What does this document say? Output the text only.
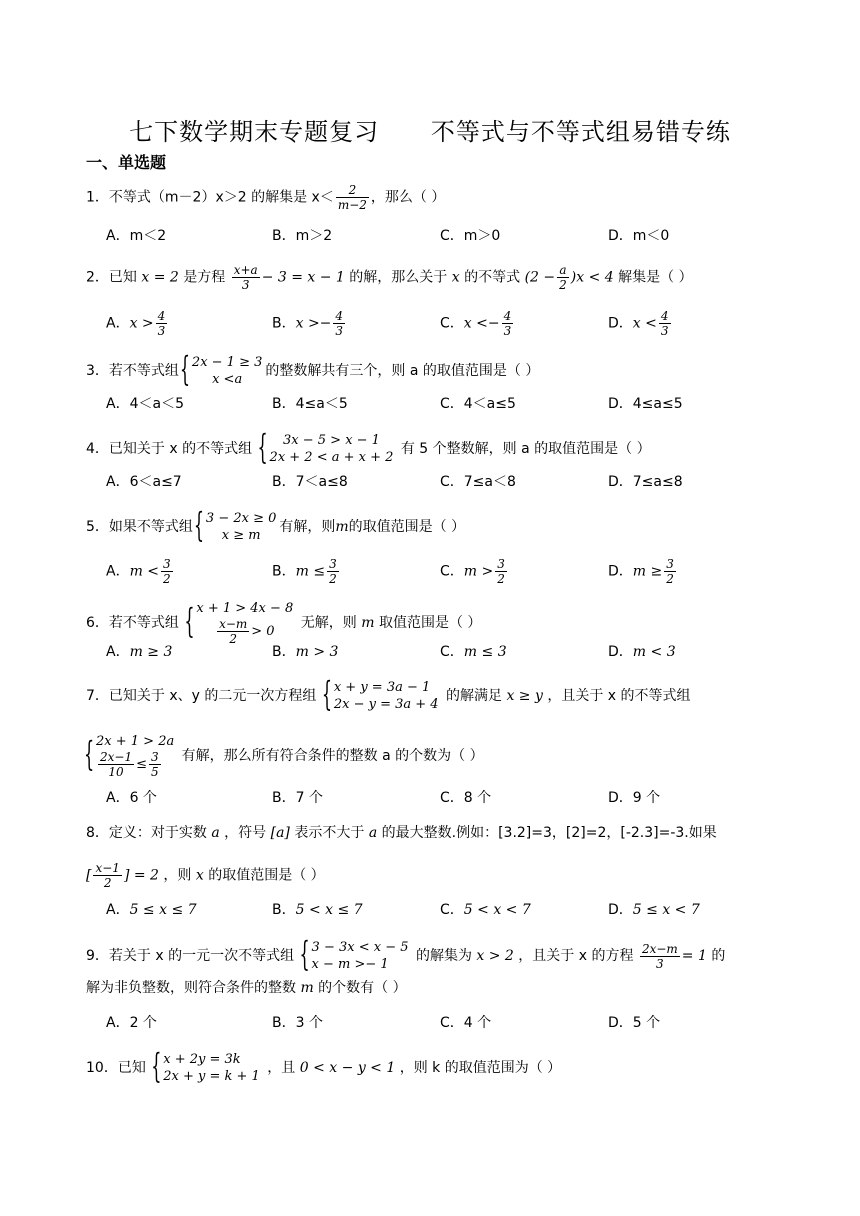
七下数学期末专题复习      不等式与不等式组易错专练
一、单选题
1．不等式（m－2）x＞2 的解集是 $x< \frac{2}{m-2}$ ，那么（ ）
A．m＜2	B．m＞2	C．m＞0	D．m＜0
2．已知 x = 2 是方程 $\frac{x+a}{3} - 3 = x - 1$ 的解，那么关于 x 的不等式 $(2 - \frac{a}{2} )x < 4$ 解集是（ ）
A．$x > \frac{4}{3}$	B．$x >- \frac{4}{3}$	C．$x <- \frac{4}{3}$	D．$x < \frac{4}{3}$
3．若不等式组
{ 2x − 1 ≥ 3
x <a
的整数解共有三个，则 a 的取值范围是（ ）
A．4＜a＜5	B．4≤a＜5	C．4＜a≤5	D．4≤a≤5
4．已知关于 x 的不等式组
{ 3x − 5 > x − 1
2x + 2 < a + x + 2
有 5 个整数解，则 a 的取值范围是（ ）
A．6＜a≤7	B．7＜a≤8	C．7≤a＜8	D．7≤a≤8
5．如果不等式组
{ 3 − 2x ≥ 0
x ≥ m
有解，则m的取值范围是（ ）
A．$m < \frac{3}{2}$	B．$m \le \frac{3}{2}$	C．$m > \frac{3}{2}$	D．$m \ge \frac{3}{2}$
6．若不等式组
{ x + 1 > 4x − 8
$\frac{x-m}{2} > 0$
无解，则 m 取值范围是（ ）
A．m ≥ 3	B．m > 3	C．m ≤ 3	D．m < 3
7．已知关于 x、y 的二元一次方程组
{ x + y = 3a − 1
2x − y = 3a + 4
的解满足 x ≥ y ，且关于 x 的不等式组
{ 2x + 1 > 2a
$\frac{2x-1}{10} \le \frac{3}{5}$ 有解，那么所有符合条件的整数 a 的个数为（ ）
A．6 个	B．7 个	C．8 个	D．9 个
8．定义：对于实数 a ，符号 [a] 表示不大于 a 的最大整数.例如：[3.2]=3，[2]=2，[-2.3]=-3.如果
[ $\frac{x-1}{2}$ ] = 2 ，则 x 的取值范围是（ ）
A．5 ≤ x ≤ 7	B．5 < x ≤ 7	C．5 < x < 7	D．5 ≤ x < 7
9．若关于 x 的一元一次不等式组
{ 3 − 3x < x − 5
x − m >− 1
的解集为 x > 2 ，且关于 x 的方程 $\frac{2x-m}{3} = 1$ 的
解为非负整数，则符合条件的整数 m 的个数有（ ）
A．2 个	B．3 个	C．4 个	D．5 个
10．已知
{ x + 2y = 3k
2x + y = k + 1
，且 0 < x − y < 1 ，则 k 的取值范围为（ ）
